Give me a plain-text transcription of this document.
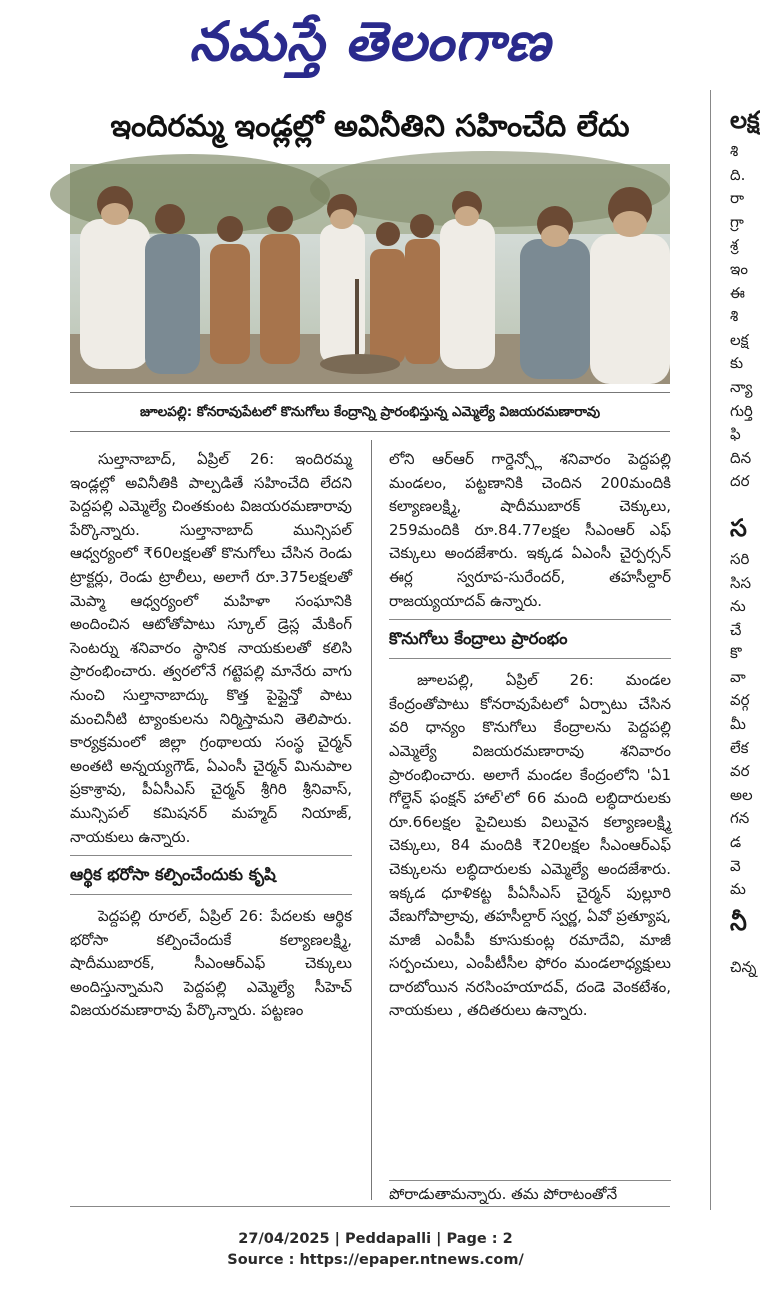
నమస్తే తెలంగాణ
ఇందిరమ్మ ఇండ్లల్లో అవినీతిని సహించేది లేదు
జూలపల్లి: కోనరావుపేటలో కొనుగోలు కేంద్రాన్ని ప్రారంభిస్తున్న ఎమ్మెల్యే విజయరమణారావు

సుల్తానాబాద్, ఏప్రిల్ 26: ఇందిరమ్మ ఇండ్లల్లో అవినీతికి పాల్పడితే సహించేది లేదని పెద్దపల్లి ఎమ్మెల్యే చింతకుంట విజయరమణారావు పేర్కొన్నారు. సుల్తానాబాద్ మున్సిపల్ ఆధ్వర్యంలో ₹60లక్షలతో కొనుగోలు చేసిన రెండు ట్రాక్టర్లు, రెండు ట్రాలీలు, అలాగే రూ.375లక్షలతో మెప్మా ఆధ్వర్యంలో మహిళా సంఘానికి అందించిన ఆటోతోపాటు స్కూల్ డ్రెస్ల మేకింగ్ సెంటర్ను శనివారం స్థానిక నాయకులతో కలిసి ప్రారంభించారు. త్వరలోనే గట్టెపల్లి మానేరు వాగు నుంచి సుల్తానాబాద్కు కొత్త పైప్లైన్తో పాటు మంచినీటి ట్యాంకులను నిర్మిస్తామని తెలిపారు. కార్యక్రమంలో జిల్లా గ్రంథాలయ సంస్థ చైర్మన్ అంతటి అన్నయ్యగౌడ్, ఏఎంసీ చైర్మన్ మినుపాల ప్రకాశ్రావు, పీఏసీఎస్ చైర్మన్ శ్రీగిరి శ్రీనివాస్, మున్సిపల్ కమిషనర్ మహ్మద్ నియాజ్, నాయకులు ఉన్నారు.

ఆర్థిక భరోసా కల్పించేందుకు కృషి

పెద్దపల్లి రూరల్, ఏప్రిల్ 26: పేదలకు ఆర్థిక భరోసా కల్పించేందుకే కల్యాణలక్ష్మి, షాదీముబారక్, సీఎంఆర్ఎఫ్ చెక్కులు అందిస్తున్నామని పెద్దపల్లి ఎమ్మెల్యే సీహెచ్ విజయరమణారావు పేర్కొన్నారు. పట్టణం

లోని ఆర్ఆర్ గార్డెన్స్లో శనివారం పెద్దపల్లి మండలం, పట్టణానికి చెందిన 200మందికి కల్యాణలక్ష్మి, షాదీముబారక్ చెక్కులు, 259మందికి రూ.84.77లక్షల సీఎంఆర్ ఎఫ్ చెక్కులు అందజేశారు. ఇక్కడ ఏఎంసీ చైర్పర్సన్ ఈర్ల స్వరూప-సురేందర్, తహసీల్దార్ రాజయ్యయాదవ్ ఉన్నారు.

కొనుగోలు కేంద్రాలు ప్రారంభం

జూలపల్లి, ఏప్రిల్ 26: మండల కేంద్రంతోపాటు కోనరావుపేటలో ఏర్పాటు చేసిన వరి ధాన్యం కొనుగోలు కేంద్రాలను పెద్దపల్లి ఎమ్మెల్యే విజయరమణారావు శనివారం ప్రారంభించారు. అలాగే మండల కేంద్రంలోని 'ఏ1 గోల్డెన్ ఫంక్షన్ హాల్'లో 66 మంది లబ్ధిదారులకు రూ.66లక్షల పైచిలుకు విలువైన కల్యాణలక్ష్మి చెక్కులు, 84 మందికి ₹20లక్షల సీఎంఆర్ఎఫ్ చెక్కులను లబ్ధిదారులకు ఎమ్మెల్యే అందజేశారు. ఇక్కడ ధూళికట్ట పీఏసీఎస్ చైర్మన్ పుల్లూరి వేణుగోపాల్రావు, తహసీల్దార్ స్వర్ణ, ఏవో ప్రత్యూష, మాజీ ఎంపీపీ కూసుకుంట్ల రమాదేవి, మాజీ సర్పంచులు, ఎంపీటీసీల ఫోరం మండలాధ్యక్షులు దారబోయిన నరసింహయాదవ్, దండె వెంకటేశం, నాయకులు , తదితరులు ఉన్నారు.

పోరాడుతామన్నారు. తమ పోరాటంతోనే
లక్ష
శి
ది.
రా
గ్రా
శ్ర
ఇం
ఈ
శి
లక్ష
కు
న్యా
గుర్తి
ఫి
దిన
దర
స
సరి
సిస
ను
చే
కొ
వా
వర్గ
మీ
లేక
వర
అల
గన
డ
వె
మ
నీ
చిన్న
27/04/2025 | Peddapalli | Page : 2
Source : https://epaper.ntnews.com/
